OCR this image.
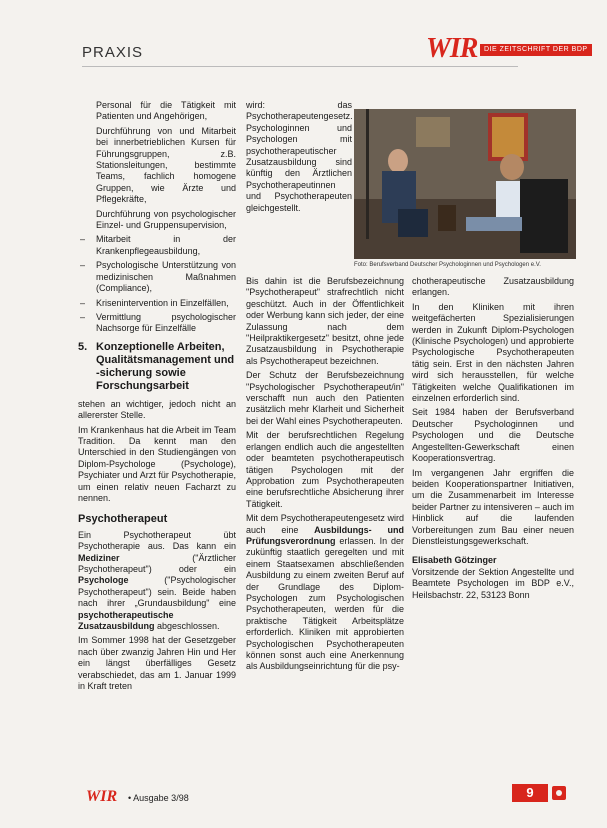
PRAXIS	WIR DIE ZEITSCHRIFT DER BDP
Personal für die Tätigkeit mit Patienten und Angehörigen,
Durchführung von und Mitarbeit bei innerbetrieblichen Kursen für Führungsgruppen, z.B. Stationsleitungen, bestimmte Teams, fachlich homogene Gruppen, wie Ärzte und Pflegekräfte,
Durchführung von psychologischer Einzel- und Gruppensupervision,
– Mitarbeit in der Krankenpflegeausbildung,
– Psychologische Unterstützung von medizinischen Maßnahmen (Compliance),
– Krisenintervention in Einzelfällen,
– Vermittlung psychologischer Nachsorge für Einzelfälle
5. Konzeptionelle Arbeiten, Qualitätsmanagement und -sicherung sowie Forschungsarbeit

stehen an wichtiger, jedoch nicht an allererster Stelle.

Im Krankenhaus hat die Arbeit im Team Tradition. Da kennt man den Unterschied in den Studiengängen von Diplom-Psychologe (Psychologe), Psychiater und Arzt für Psychotherapie, um einen relativ neuen Facharzt zu nennen.

Psychotherapeut

Ein Psychotherapeut übt Psychotherapie aus. Das kann ein Mediziner ("Ärztlicher Psychotherapeut") oder ein Psychologe ("Psychologischer Psychotherapeut") sein. Beide haben nach ihrer „Grundausbildung" eine psychotherapeutische Zusatzausbildung abgeschlossen.

Im Sommer 1998 hat der Gesetzgeber nach über zwanzig Jahren Hin und Her ein längst überfälliges Gesetz verabschiedet, das am 1. Januar 1999 in Kraft treten

wird: das Psychotherapeutengesetz. Psychologinnen und Psychologen mit psychotherapeutischer Zusatzausbildung sind künftig den Ärztlichen Psychotherapeutinnen und Psychotherapeuten gleichgestellt.

Foto: Berufsverband Deutscher Psychologinnen und Psychologen e.V.

Bis dahin ist die Berufsbezeichnung "Psychotherapeut" strafrechtlich nicht geschützt. Auch in der Öffentlichkeit oder Werbung kann sich jeder, der eine Zulassung nach dem "Heilpraktikergesetz" besitzt, ohne jede Zusatzausbildung in Psychotherapie als Psychotherapeut bezeichnen.

Der Schutz der Berufsbezeichnung "Psychologischer Psychotherapeut/in" verschafft nun auch den Patienten zusätzlich mehr Klarheit und Sicherheit bei der Wahl eines Psychotherapeuten.

Mit der berufsrechtlichen Regelung erlangen endlich auch die angestellten oder beamteten psychotherapeutisch tätigen Psychologen mit der Approbation zum Psychotherapeuten eine berufsrechtliche Absicherung ihrer Tätigkeit.

Mit dem Psychotherapeutengesetz wird auch eine Ausbildungs- und Prüfungsverordnung erlassen. In der zukünftig staatlich geregelten und mit einem Staatsexamen abschließenden Ausbildung zu einem zweiten Beruf auf der Grundlage des Diplom-Psychologen zum Psychologischen Psychotherapeuten, werden für die praktische Tätigkeit Arbeitsplätze erforderlich. Kliniken mit approbierten Psychologischen Psychotherapeuten können sonst auch eine Anerkennung als Ausbildungseinrichtung für die psy-

chotherapeutische Zusatzausbildung erlangen.

In den Kliniken mit ihren weitgefächerten Spezialisierungen werden in Zukunft Diplom-Psychologen (Klinische Psychologen) und approbierte Psychologische Psychotherapeuten tätig sein. Erst in den nächsten Jahren wird sich herausstellen, für welche Tätigkeiten welche Qualifikationen im einzelnen erforderlich sind.

Seit 1984 haben der Berufsverband Deutscher Psychologinnen und Psychologen und die Deutsche Angestellten-Gewerkschaft einen Kooperationsvertrag.

Im vergangenen Jahr ergriffen die beiden Kooperationspartner Initiativen, um die Zusammenarbeit im Interesse beider Partner zu intensiveren – auch im Hinblick auf die laufenden Vorbereitungen zum Bau einer neuen Dienstleistungsgewerkschaft.

Elisabeth Götzinger
Vorsitzende der Sektion Angestellte und Beamtete Psychologen im BDP e.V., Heilsbachstr. 22, 53123 Bonn

WIR • Ausgabe 3/98	9
